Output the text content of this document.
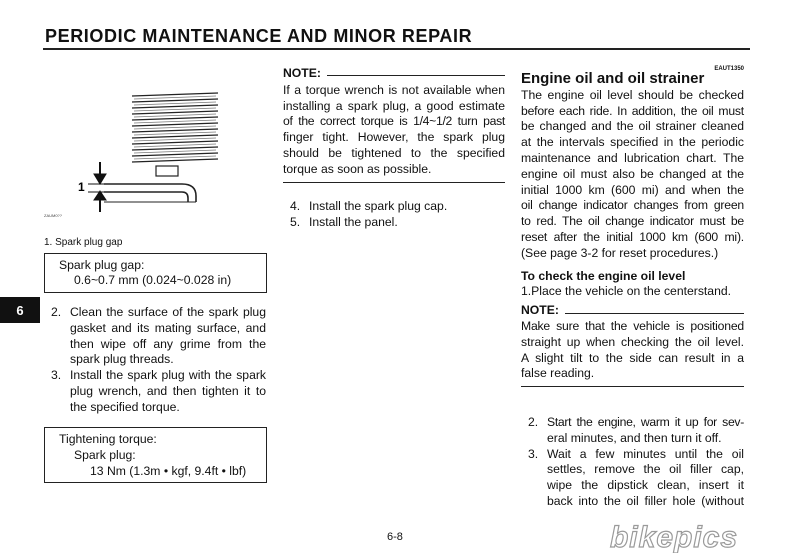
PERIODIC MAINTENANCE AND MINOR REPAIR
6
1
ZAUM0??
1. Spark plug gap
Spark plug gap:
0.6~0.7 mm (0.024~0.028 in)
2. Clean the surface of the spark plug gasket and its mating surface, and then wipe off any grime from the spark plug threads.
3. Install the spark plug with the spark plug wrench, and then tighten it to the specified torque.
Tightening torque:
Spark plug:
13 Nm (1.3m • kgf, 9.4ft • lbf)
NOTE:
If a torque wrench is not available when
installing a spark plug, a good estimate
of the correct torque is 1/4~1/2 turn past
finger tight. However, the spark plug
should be tightened to the specified
torque as soon as possible.
4. Install the spark plug cap.
5. Install the panel.
EAUT1350
Engine oil and oil strainer
The engine oil level should be checked
before each ride. In addition, the oil must
be changed and the oil strainer cleaned
at the intervals specified in the periodic
maintenance and lubrication chart. The
engine oil must also be changed at the
initial 1000 km (600 mi) and when the
oil change indicator changes from green
to red. The oil change indicator must be
reset after the initial 1000 km (600 mi).
(See page 3-2 for reset procedures.)
To check the engine oil level
1.Place the vehicle on the centerstand.
NOTE:
Make sure that the vehicle is positioned
straight up when checking the oil level.
A slight tilt to the side can result in a
false reading.
2. Start the engine, warm it up for sev-
eral minutes, and then turn it off.
3. Wait a few minutes until the oil
settles, remove the oil filler cap,
wipe the dipstick clean, insert it
back into the oil filler hole (without
6-8	bikepics
